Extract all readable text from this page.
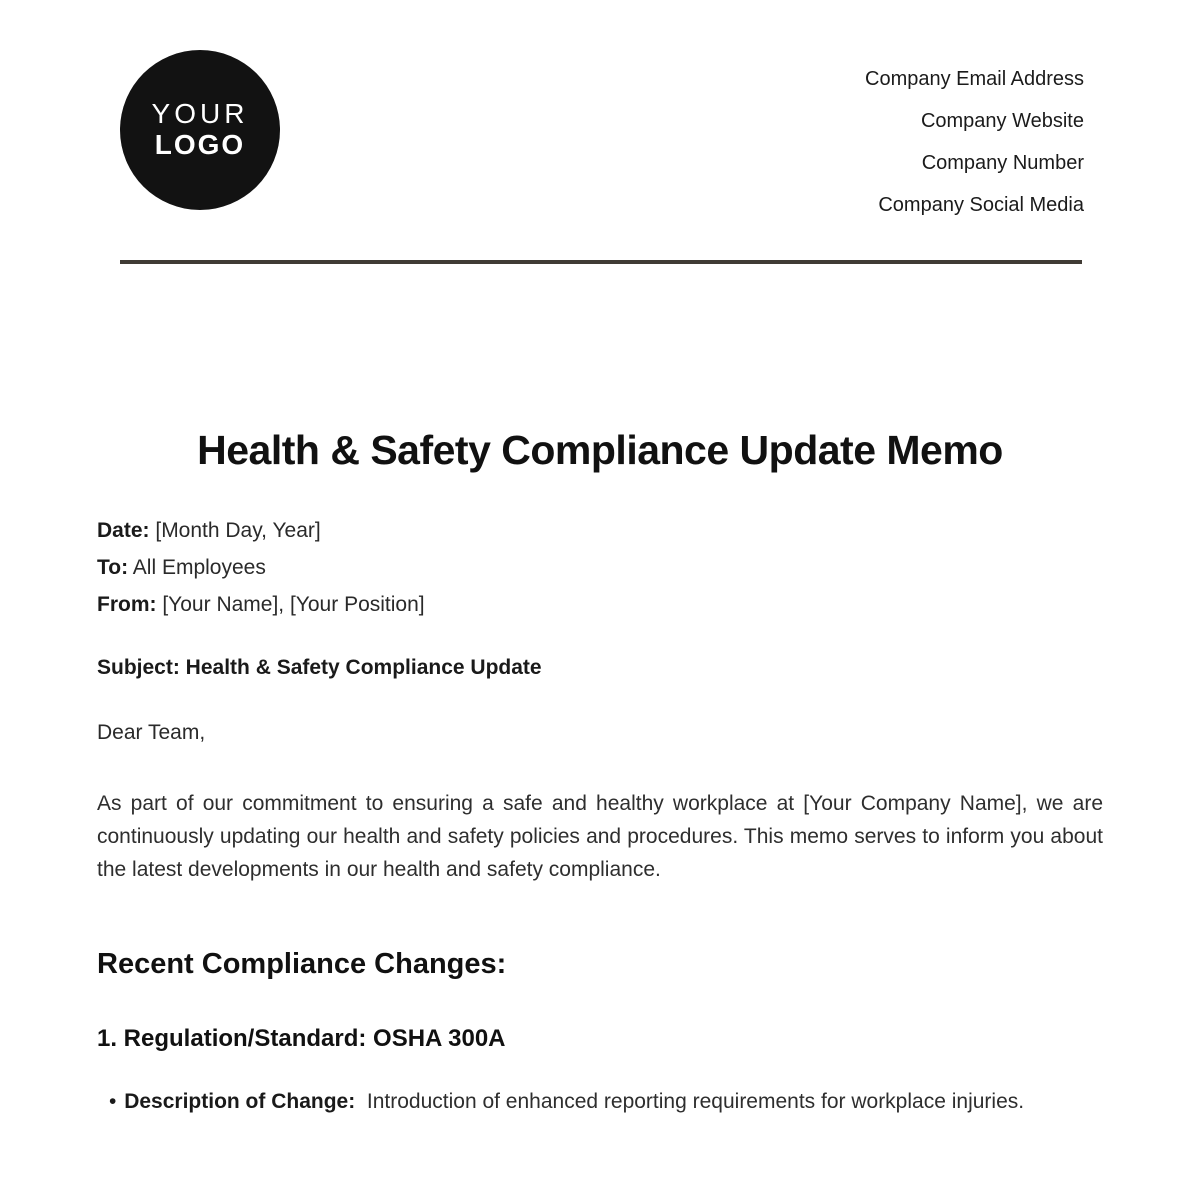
YOUR
LOGO
Company Email Address
Company Website
Company Number
Company Social Media
Health & Safety Compliance Update Memo
Date: [Month Day, Year]
To: All Employees
From: [Your Name], [Your Position]
Subject: Health & Safety Compliance Update
Dear Team,

As part of our commitment to ensuring a safe and healthy workplace at [Your Company Name], we are continuously updating our health and safety policies and procedures. This memo serves to inform you about the latest developments in our health and safety compliance.

Recent Compliance Changes:
1. Regulation/Standard: OSHA 300A
• Description of Change: Introduction of enhanced reporting requirements for workplace injuries.
